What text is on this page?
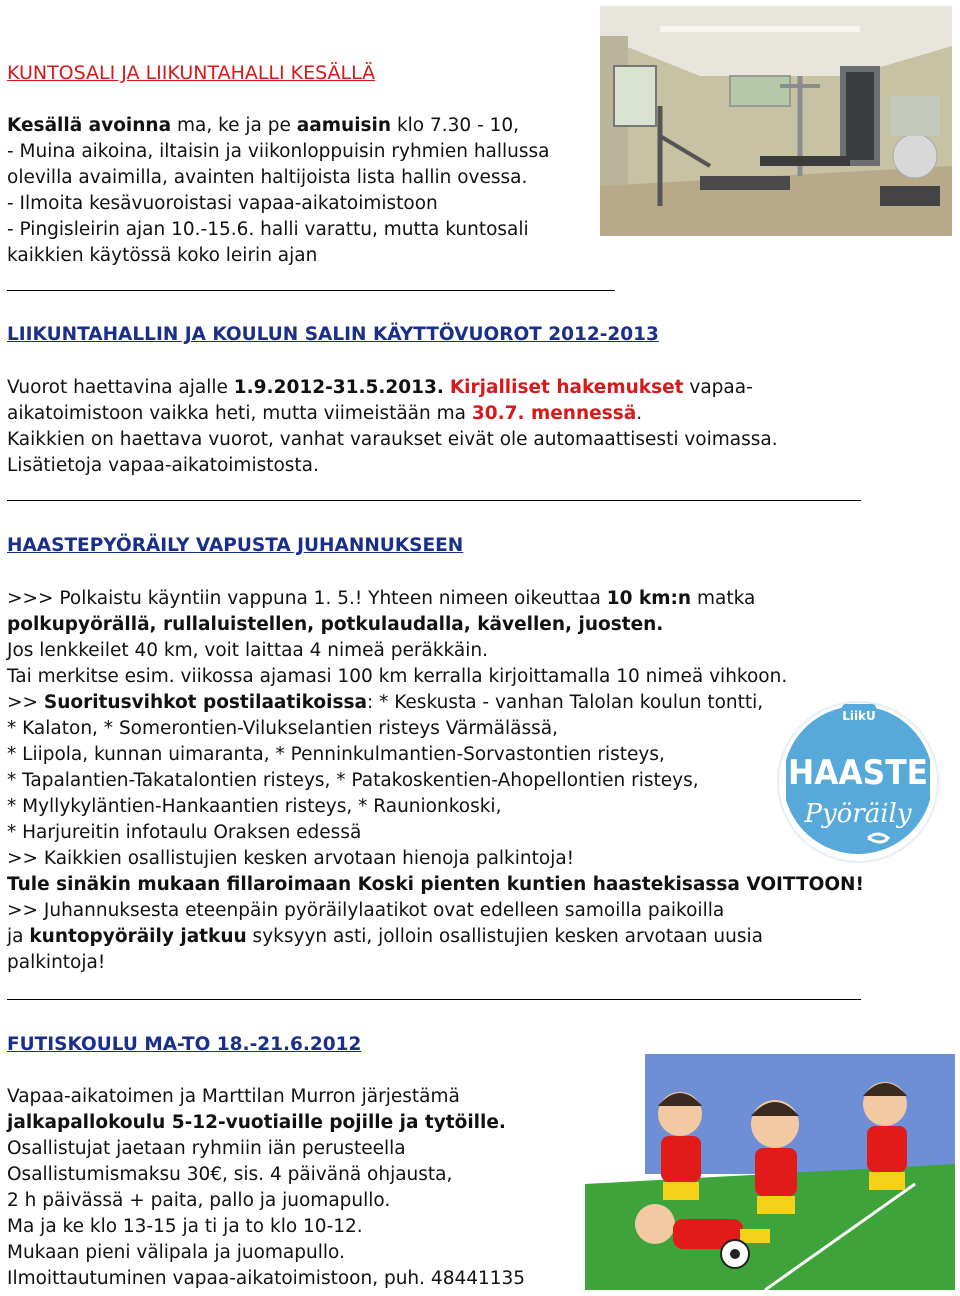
KUNTOSALI JA LIIKUNTAHALLI KESÄLLÄ
Kesällä avoinna ma, ke ja pe aamuisin klo 7.30 - 10,
- Muina aikoina, iltaisin ja viikonloppuisin ryhmien hallussa
olevilla avaimilla, avainten haltijoista lista hallin ovessa.
- Ilmoita kesävuoroistasi vapaa-aikatoimistoon
- Pingisleirin ajan 10.-15.6. halli varattu, mutta kuntosali
kaikkien käytössä koko leirin ajan
LIIKUNTAHALLIN JA KOULUN SALIN KÄYTTÖVUOROT 2012-2013
Vuorot haettavina ajalle 1.9.2012-31.5.2013. Kirjalliset hakemukset vapaa-
aikatoimistoon vaikka heti, mutta viimeistään ma 30.7. mennessä.
Kaikkien on haettava vuorot, vanhat varaukset eivät ole automaattisesti voimassa.
Lisätietoja vapaa-aikatoimistosta.
HAASTEPYÖRÄILY VAPUSTA JUHANNUKSEEN
>>> Polkaistu käyntiin vappuna 1. 5.! Yhteen nimeen oikeuttaa 10 km:n matka
polkupyörällä, rullaluistellen, potkulaudalla, kävellen, juosten.
Jos lenkkeilet 40 km, voit laittaa 4 nimeä peräkkäin.
Tai merkitse esim. viikossa ajamasi 100 km kerralla kirjoittamalla 10 nimeä vihkoon.
>> Suoritusvihkot postilaatikoissa: * Keskusta - vanhan Talolan koulun tontti,
* Kalaton, * Somerontien-Vilukselantien risteys Värmälässä,
* Liipola, kunnan uimaranta, * Penninkulmantien-Sorvastontien risteys,
* Tapalantien-Takatalontien risteys, * Patakoskentien-Ahopellontien risteys,
* Myllykyläntien-Hankaantien risteys, * Raunionkoski,
* Harjureitin infotaulu Oraksen edessä
>> Kaikkien osallistujien kesken arvotaan hienoja palkintoja!
Tule sinäkin mukaan fillaroimaan Koski pienten kuntien haastekisassa VOITTOON!
>> Juhannuksesta eteenpäin pyöräilylaatikot ovat edelleen samoilla paikoilla
ja kuntopyöräily jatkuu syksyyn asti, jolloin osallistujien kesken arvotaan uusia
palkintoja!
LiikU
HAASTE
Pyöräily
FUTISKOULU MA-TO 18.-21.6.2012
Vapaa-aikatoimen ja Marttilan Murron järjestämä
jalkapallokoulu 5-12-vuotiaille pojille ja tytöille.
Osallistujat jaetaan ryhmiin iän perusteella
Osallistumismaksu 30€, sis. 4 päivänä ohjausta,
2 h päivässä + paita, pallo ja juomapullo.
Ma ja ke klo 13-15 ja ti ja to klo 10-12.
Mukaan pieni välipala ja juomapullo.
Ilmoittautuminen vapaa-aikatoimistoon, puh. 48441135
